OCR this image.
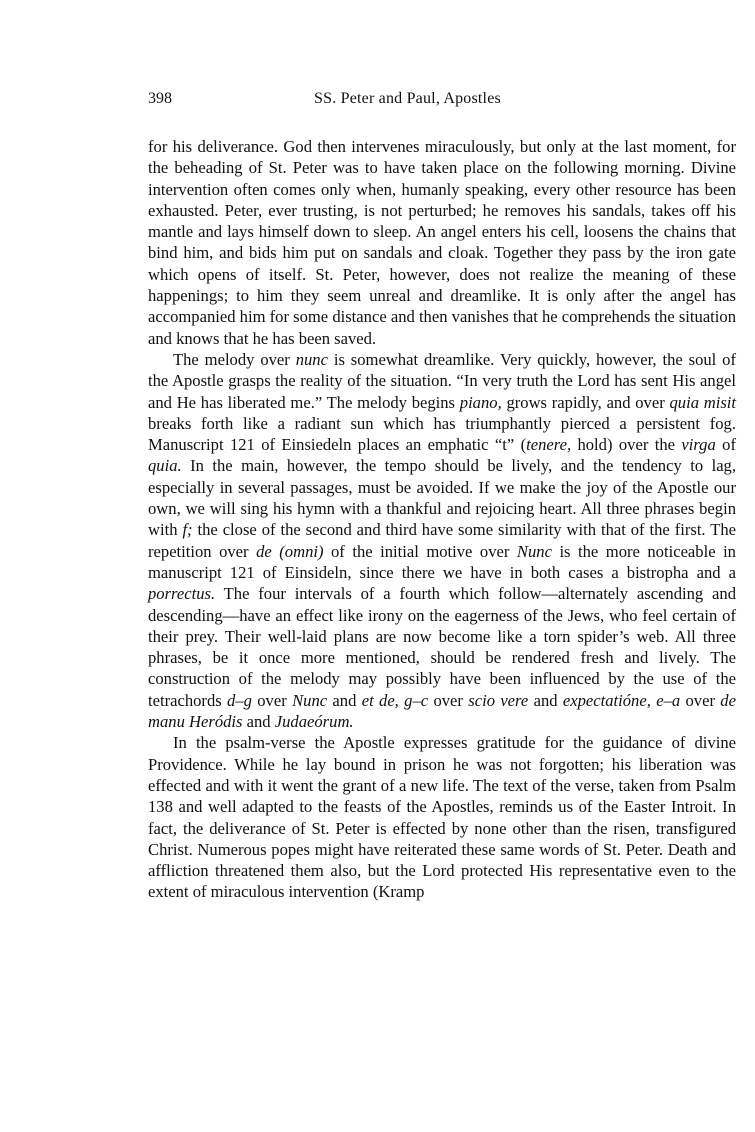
398	SS. Peter and Paul, Apostles

for his deliverance. God then intervenes miraculously, but only at the last moment, for the beheading of St. Peter was to have taken place on the following morning. Divine intervention often comes only when, humanly speaking, every other resource has been exhausted. Peter, ever trusting, is not perturbed; he removes his sandals, takes off his mantle and lays himself down to sleep. An angel enters his cell, loosens the chains that bind him, and bids him put on sandals and cloak. Together they pass by the iron gate which opens of itself. St. Peter, however, does not realize the meaning of these happenings; to him they seem unreal and dreamlike. It is only after the angel has accompanied him for some distance and then vanishes that he comprehends the situation and knows that he has been saved.

The melody over nunc is somewhat dreamlike. Very quickly, however, the soul of the Apostle grasps the reality of the situation. “In very truth the Lord has sent His angel and He has liberated me.” The melody begins piano, grows rapidly, and over quia misit breaks forth like a radiant sun which has triumphantly pierced a persistent fog. Manuscript 121 of Einsiedeln places an emphatic “t” (tenere, hold) over the virga of quia. In the main, however, the tempo should be lively, and the tendency to lag, especially in several passages, must be avoided. If we make the joy of the Apostle our own, we will sing his hymn with a thankful and rejoicing heart. All three phrases begin with f; the close of the second and third have some similarity with that of the first. The repetition over de (omni) of the initial motive over Nunc is the more noticeable in manuscript 121 of Einsideln, since there we have in both cases a bistropha and a porrectus. The four intervals of a fourth which follow—alternately ascending and descending—have an effect like irony on the eagerness of the Jews, who feel certain of their prey. Their well-laid plans are now become like a torn spider’s web. All three phrases, be it once more mentioned, should be rendered fresh and lively. The construction of the melody may possibly have been influenced by the use of the tetrachords d–g over Nunc and et de, g–c over scio vere and expectatióne, e–a over de manu Heródis and Judaeórum.

In the psalm-verse the Apostle expresses gratitude for the guidance of divine Providence. While he lay bound in prison he was not forgotten; his liberation was effected and with it went the grant of a new life. The text of the verse, taken from Psalm 138 and well adapted to the feasts of the Apostles, reminds us of the Easter Introit. In fact, the deliverance of St. Peter is effected by none other than the risen, transfigured Christ. Numerous popes might have reiterated these same words of St. Peter. Death and affliction threatened them also, but the Lord protected His representative even to the extent of miraculous intervention (Kramp
